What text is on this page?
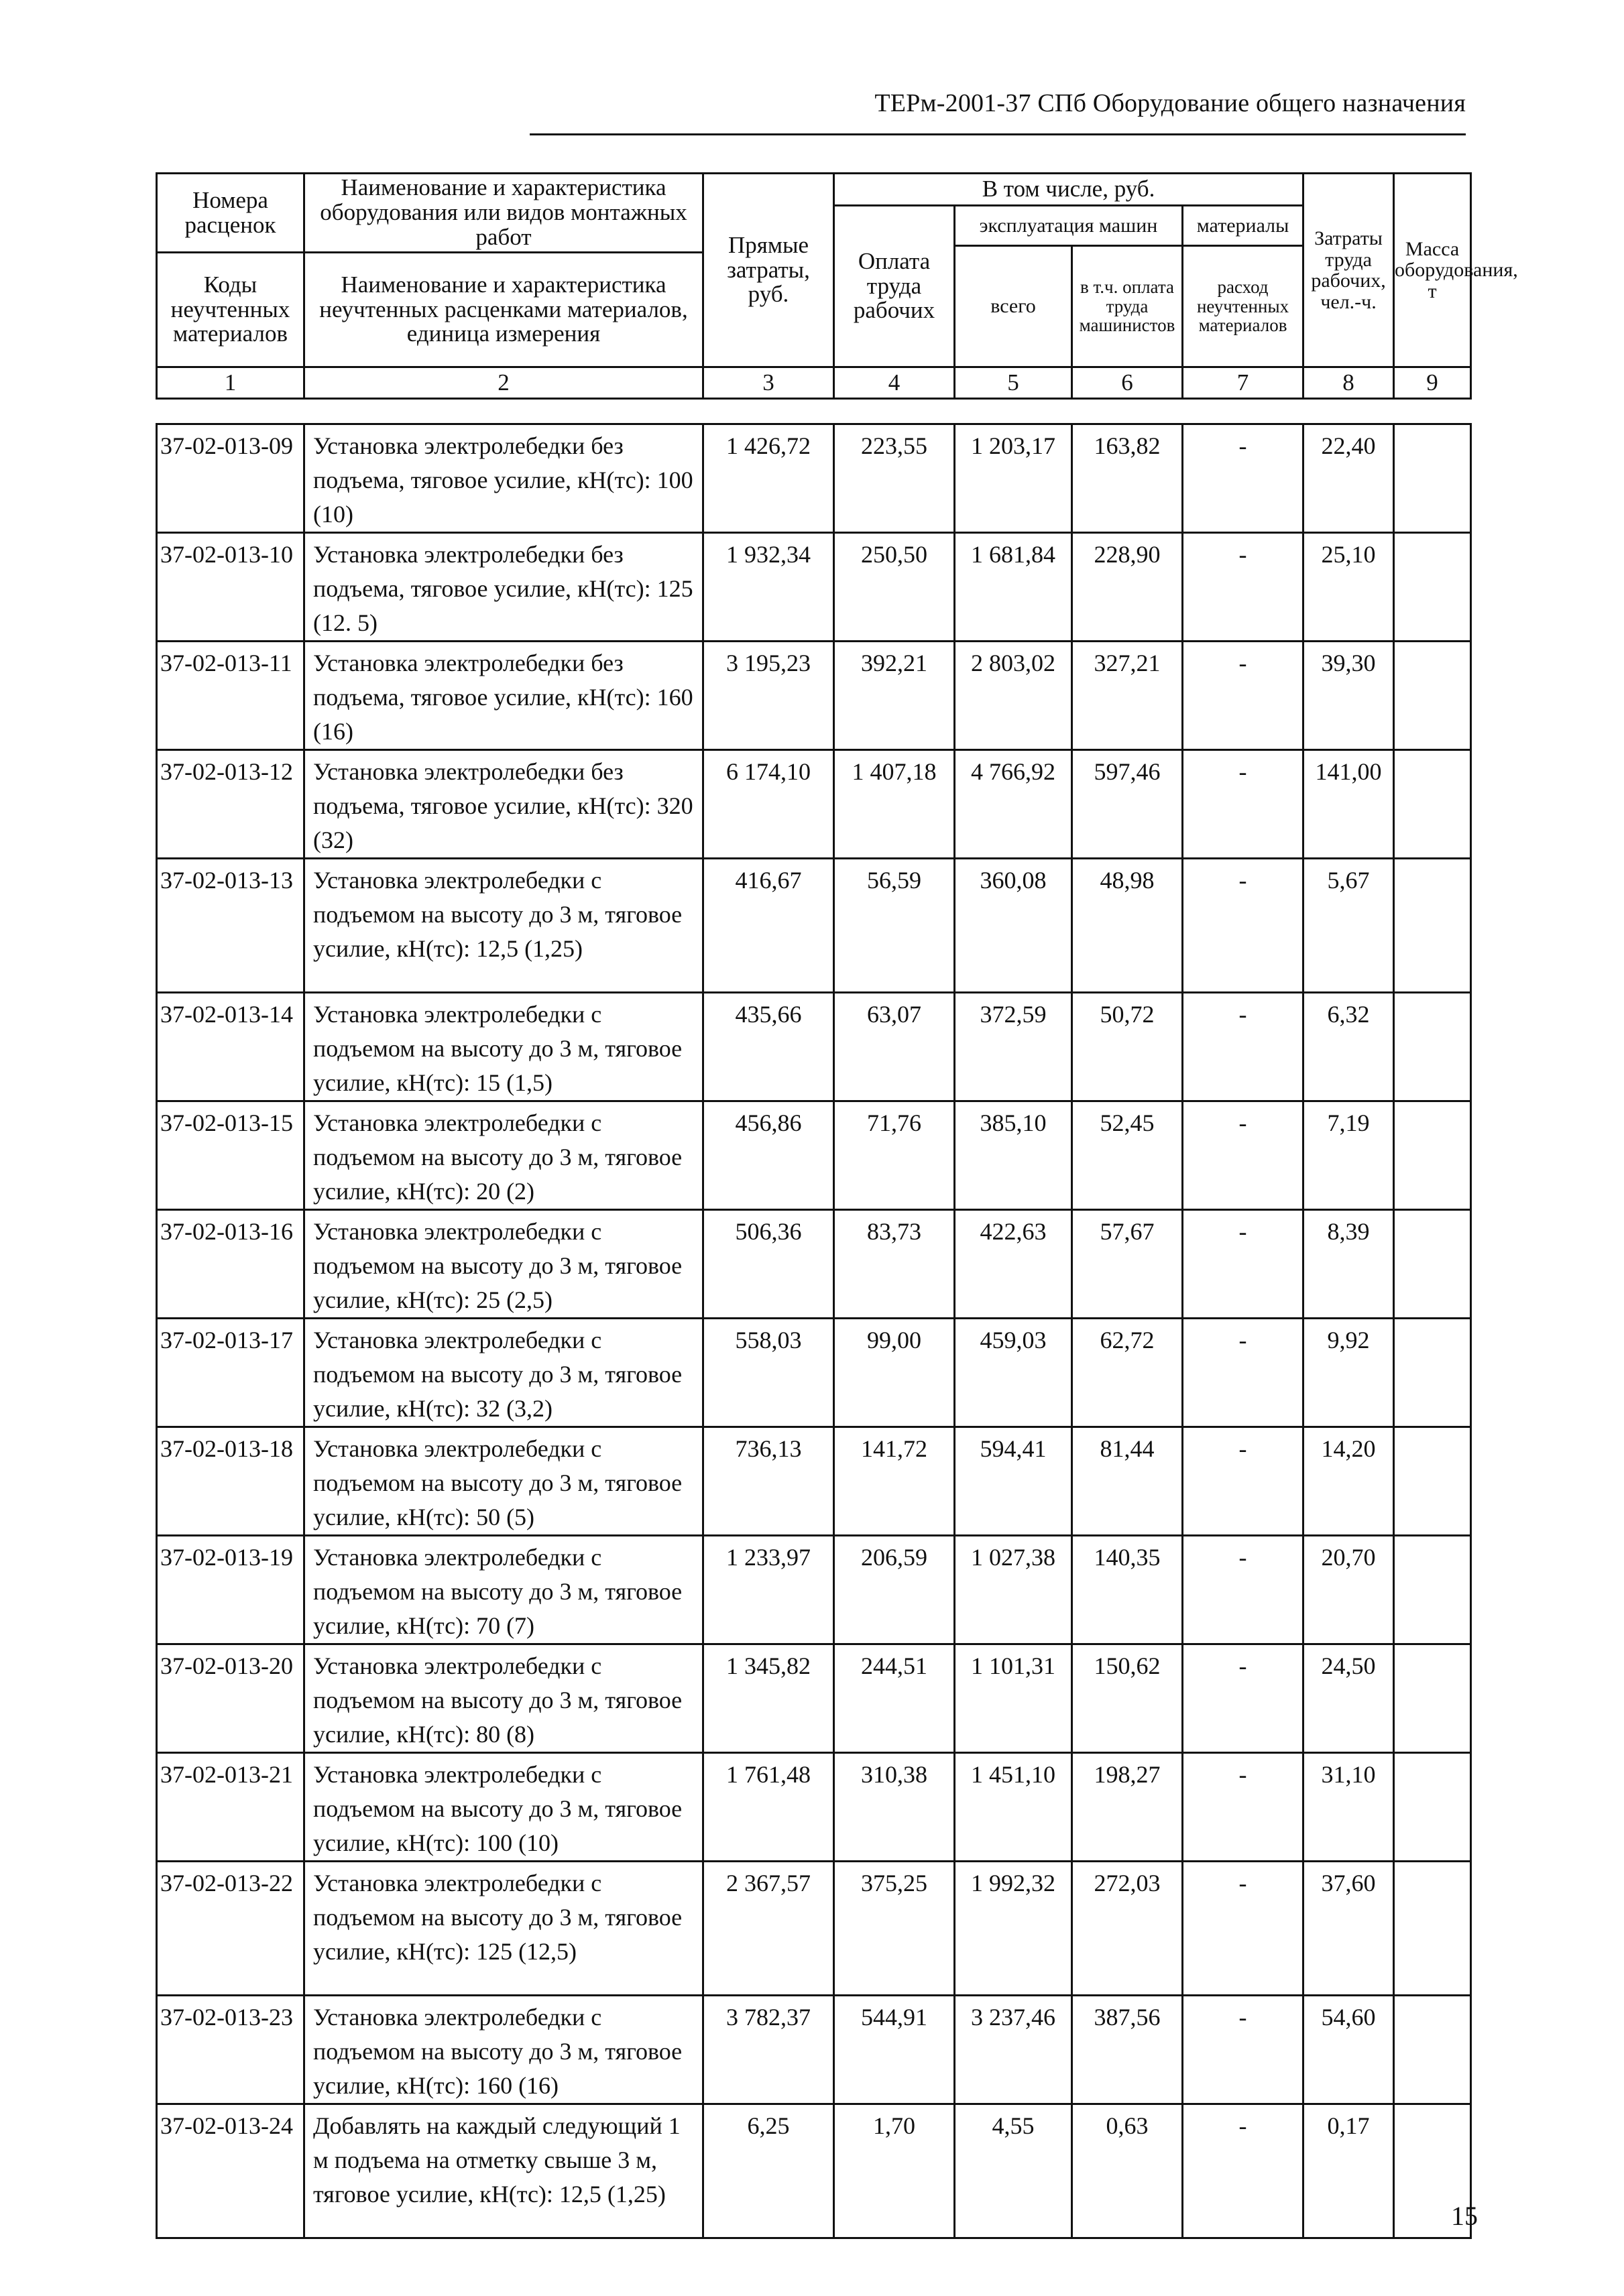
ТЕРм-2001-37 СПб Оборудование общего назначения
Номера расценок	Наименование и характеристика оборудования или видов монтажных работ	Прямые затраты, руб.	В том числе, руб.				Затраты труда рабочих, чел.-ч.	Масса оборудования, т
			Оплата труда рабочих	эксплуатация машин		материалы		
				всего	в т.ч. оплата труда машинистов	расход неучтенных материалов		
Коды неучтенных материалов	Наименование и характеристика неучтенных расценками материалов, единица измерения							

1	2	3	4	5	6	7	8	9
37-02-013-09	Установка электролебедки без подъема, тяговое усилие, кН(тс): 100 (10)	1 426,72	223,55	1 203,17	163,82	-	22,40	
37-02-013-10	Установка электролебедки без подъема, тяговое усилие, кН(тс): 125 (12. 5)	1 932,34	250,50	1 681,84	228,90	-	25,10	
37-02-013-11	Установка электролебедки без подъема, тяговое усилие, кН(тс): 160 (16)	3 195,23	392,21	2 803,02	327,21	-	39,30	
37-02-013-12	Установка электролебедки без подъема, тяговое усилие, кН(тс): 320 (32)	6 174,10	1 407,18	4 766,92	597,46	-	141,00	
37-02-013-13	Установка электролебедки с подъемом на высоту до 3 м, тяговое усилие, кН(тс): 12,5 (1,25)	416,67	56,59	360,08	48,98	-	5,67	
37-02-013-14	Установка электролебедки с подъемом на высоту до 3 м, тяговое усилие, кН(тс): 15 (1,5)	435,66	63,07	372,59	50,72	-	6,32	
37-02-013-15	Установка электролебедки с подъемом на высоту до 3 м, тяговое усилие, кН(тс): 20 (2)	456,86	71,76	385,10	52,45	-	7,19	
37-02-013-16	Установка электролебедки с подъемом на высоту до 3 м, тяговое усилие, кН(тс): 25 (2,5)	506,36	83,73	422,63	57,67	-	8,39	
37-02-013-17	Установка электролебедки с подъемом на высоту до 3 м, тяговое усилие, кН(тс): 32 (3,2)	558,03	99,00	459,03	62,72	-	9,92	
37-02-013-18	Установка электролебедки с подъемом на высоту до 3 м, тяговое усилие, кН(тс): 50 (5)	736,13	141,72	594,41	81,44	-	14,20	
37-02-013-19	Установка электролебедки с подъемом на высоту до 3 м, тяговое усилие, кН(тс): 70 (7)	1 233,97	206,59	1 027,38	140,35	-	20,70	
37-02-013-20	Установка электролебедки с подъемом на высоту до 3 м, тяговое усилие, кН(тс): 80 (8)	1 345,82	244,51	1 101,31	150,62	-	24,50	
37-02-013-21	Установка электролебедки с подъемом на высоту до 3 м, тяговое усилие, кН(тс): 100 (10)	1 761,48	310,38	1 451,10	198,27	-	31,10	
37-02-013-22	Установка электролебедки с подъемом на высоту до 3 м, тяговое усилие, кН(тс): 125 (12,5)	2 367,57	375,25	1 992,32	272,03	-	37,60	
37-02-013-23	Установка электролебедки с подъемом на высоту до 3 м, тяговое усилие, кН(тс): 160 (16)	3 782,37	544,91	3 237,46	387,56	-	54,60	
37-02-013-24	Добавлять на каждый следующий 1 м подъема на отметку свыше 3 м, тяговое усилие, кН(тс): 12,5 (1,25)	6,25	1,70	4,55	0,63	-	0,17	
15
